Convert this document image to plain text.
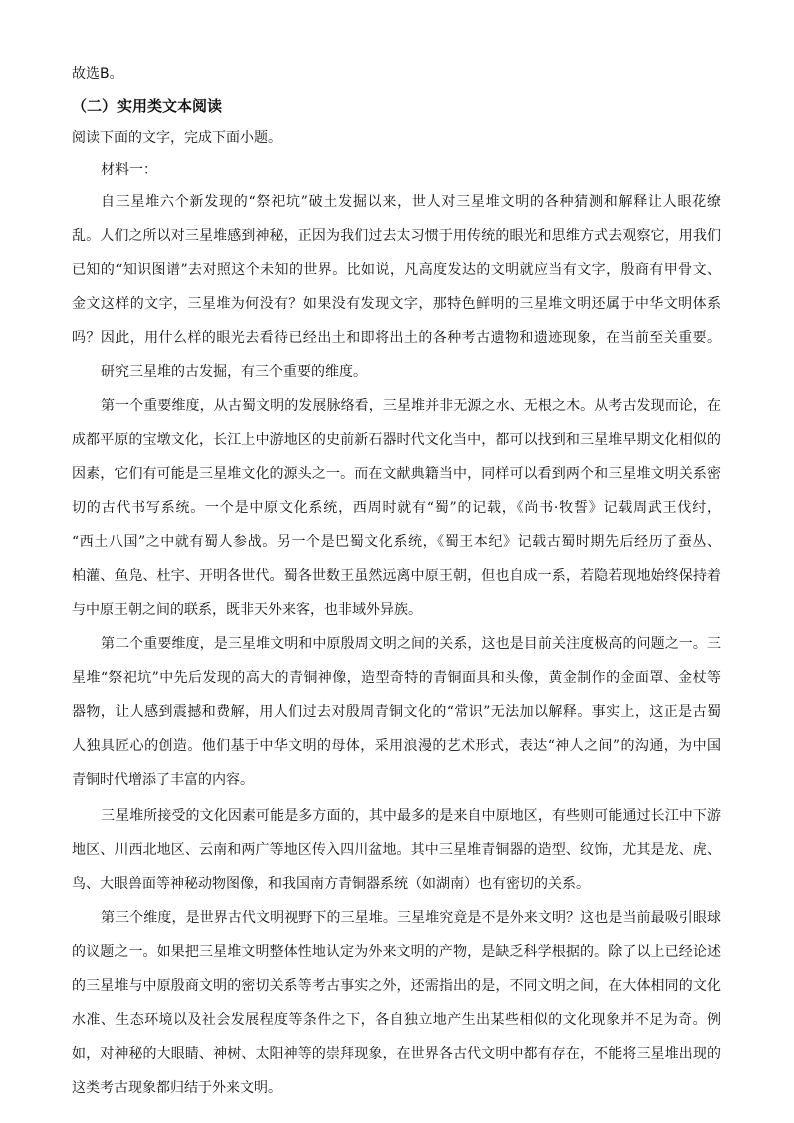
故选B。
（二）实用类文本阅读
阅读下面的文字，完成下面小题。
材料一：
自三星堆六个新发现的“祭祀坑”破土发掘以来，世人对三星堆文明的各种猜测和解释让人眼花缭
乱。人们之所以对三星堆感到神秘，正因为我们过去太习惯于用传统的眼光和思维方式去观察它，用我们
已知的“知识图谱”去对照这个未知的世界。比如说，凡高度发达的文明就应当有文字，殷商有甲骨文、
金文这样的文字，三星堆为何没有？如果没有发现文字，那特色鲜明的三星堆文明还属于中华文明体系
吗？因此，用什么样的眼光去看待已经出土和即将出土的各种考古遗物和遗迹现象，在当前至关重要。
研究三星堆的古发掘，有三个重要的维度。
第一个重要维度，从古蜀文明的发展脉络看，三星堆并非无源之水、无根之木。从考古发现而论，在
成都平原的宝墩文化，长江上中游地区的史前新石器时代文化当中，都可以找到和三星堆早期文化相似的
因素，它们有可能是三星堆文化的源头之一。而在文献典籍当中，同样可以看到两个和三星堆文明关系密
切的古代书写系统。一个是中原文化系统，西周时就有“蜀”的记载，《尚书·牧誓》记载周武王伐纣，
“西土八国”之中就有蜀人参战。另一个是巴蜀文化系统，《蜀王本纪》记载古蜀时期先后经历了蚕丛、
柏灌、鱼凫、杜宇、开明各世代。蜀各世数王虽然远离中原王朝，但也自成一系，若隐若现地始终保持着
与中原王朝之间的联系，既非天外来客，也非域外异族。
第二个重要维度，是三星堆文明和中原殷周文明之间的关系，这也是目前关注度极高的问题之一。三
星堆“祭祀坑”中先后发现的高大的青铜神像，造型奇特的青铜面具和头像，黄金制作的金面罩、金杖等
器物，让人感到震撼和费解，用人们过去对殷周青铜文化的“常识”无法加以解释。事实上，这正是古蜀
人独具匠心的创造。他们基于中华文明的母体，采用浪漫的艺术形式，表达“神人之间”的沟通，为中国
青铜时代增添了丰富的内容。
三星堆所接受的文化因素可能是多方面的，其中最多的是来自中原地区，有些则可能通过长江中下游
地区、川西北地区、云南和两广等地区传入四川盆地。其中三星堆青铜器的造型、纹饰，尤其是龙、虎、
鸟、大眼兽面等神秘动物图像，和我国南方青铜器系统（如湖南）也有密切的关系。
第三个维度，是世界古代文明视野下的三星堆。三星堆究竟是不是外来文明？这也是当前最吸引眼球
的议题之一。如果把三星堆文明整体性地认定为外来文明的产物，是缺乏科学根据的。除了以上已经论述
的三星堆与中原殷商文明的密切关系等考古事实之外，还需指出的是，不同文明之间，在大体相同的文化
水准、生态环境以及社会发展程度等条件之下，各自独立地产生出某些相似的文化现象并不足为奇。例
如，对神秘的大眼睛、神树、太阳神等的崇拜现象，在世界各古代文明中都有存在，不能将三星堆出现的
这类考古现象都归结于外来文明。
